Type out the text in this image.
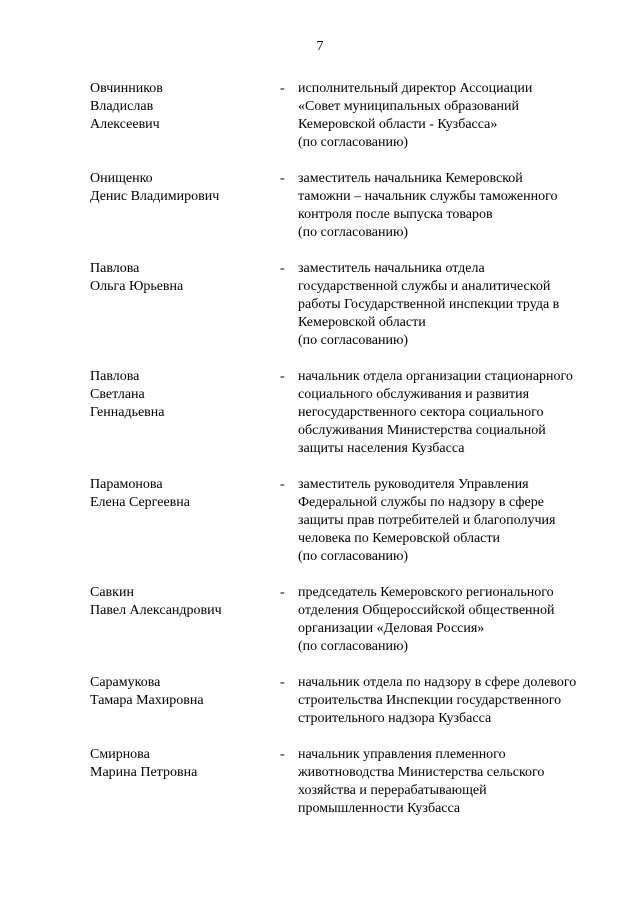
7
Овчинников
Владислав
Алексеевич
- исполнительный директор Ассоциации
«Совет муниципальных образований
Кемеровской области - Кузбасса»
(по согласованию)
Онищенко
Денис Владимирович
- заместитель начальника Кемеровской
таможни – начальник службы таможенного
контроля после выпуска товаров
(по согласованию)
Павлова
Ольга Юрьевна
- заместитель начальника отдела
государственной службы и аналитической
работы Государственной инспекции труда в
Кемеровской области
(по согласованию)
Павлова
Светлана
Геннадьевна
- начальник отдела организации стационарного
социального обслуживания и развития
негосударственного сектора социального
обслуживания Министерства социальной
защиты населения Кузбасса
Парамонова
Елена Сергеевна
- заместитель руководителя Управления
Федеральной службы по надзору в сфере
защиты прав потребителей и благополучия
человека по Кемеровской области
(по согласованию)
Савкин
Павел Александрович
- председатель Кемеровского регионального
отделения Общероссийской общественной
организации «Деловая Россия»
(по согласованию)
Сарамукова
Тамара Махировна
- начальник отдела по надзору в сфере долевого
строительства Инспекции государственного
строительного надзора Кузбасса
Смирнова
Марина Петровна
- начальник управления племенного
животноводства Министерства сельского
хозяйства и перерабатывающей
промышленности Кузбасса
